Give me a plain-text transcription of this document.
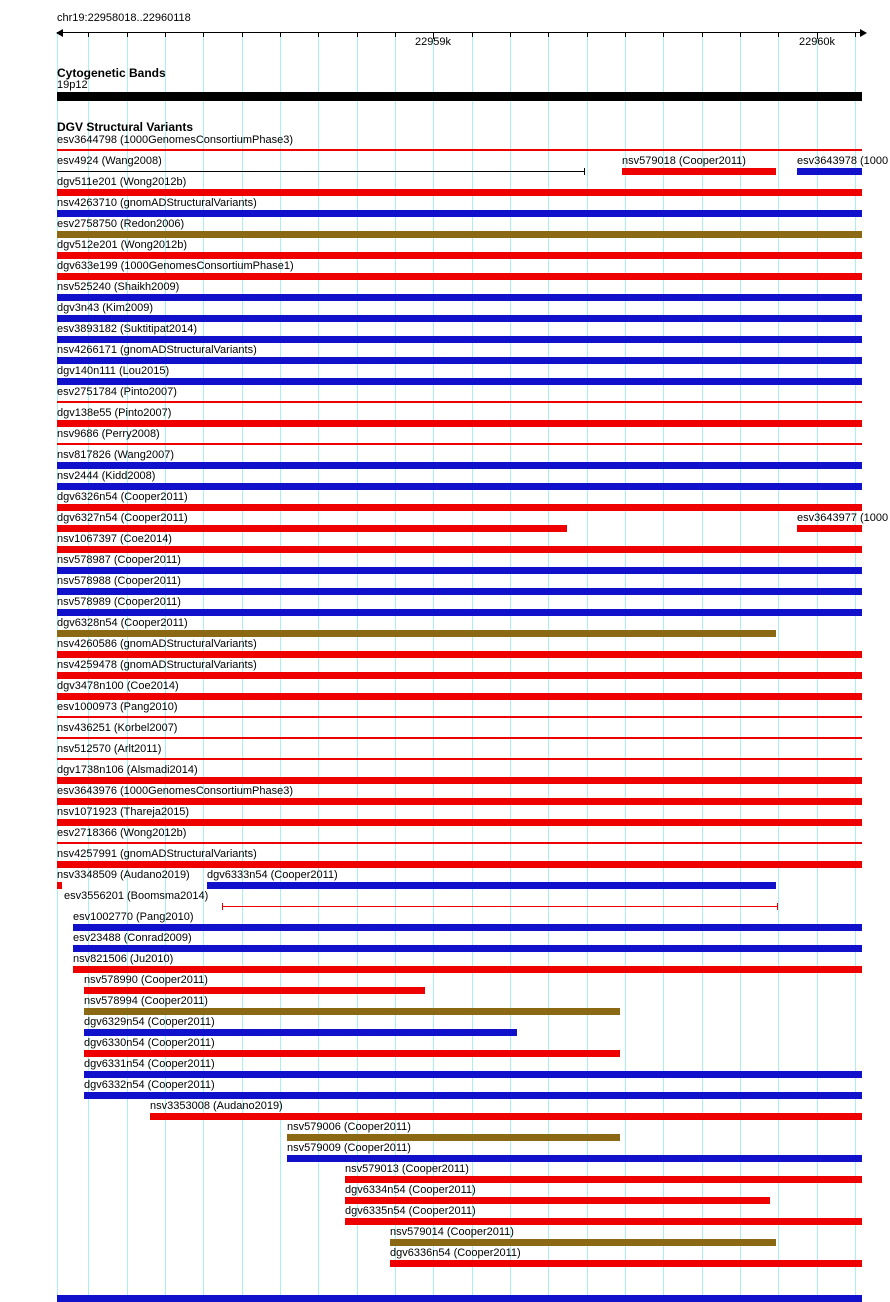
chr19:22958018..22960118
22959k	22960k
Cytogenetic Bands
19p12
DGV Structural Variants
esv3644798 (1000GenomesConsortiumPhase3)
esv4924 (Wang2008)	nsv579018 (Cooper2011)	esv3643978 (1000
dgv511e201 (Wong2012b)
nsv4263710 (gnomADStructuralVariants)
esv2758750 (Redon2006)
dgv512e201 (Wong2012b)
dgv633e199 (1000GenomesConsortiumPhase1)
nsv525240 (Shaikh2009)
dgv3n43 (Kim2009)
esv3893182 (Suktitipat2014)
nsv4266171 (gnomADStructuralVariants)
dgv140n111 (Lou2015)
esv2751784 (Pinto2007)
dgv138e55 (Pinto2007)
nsv9686 (Perry2008)
nsv817826 (Wang2007)
nsv2444 (Kidd2008)
dgv6326n54 (Cooper2011)
dgv6327n54 (Cooper2011)	esv3643977 (1000
nsv1067397 (Coe2014)
nsv578987 (Cooper2011)
nsv578988 (Cooper2011)
nsv578989 (Cooper2011)
dgv6328n54 (Cooper2011)
nsv4260586 (gnomADStructuralVariants)
nsv4259478 (gnomADStructuralVariants)
dgv3478n100 (Coe2014)
esv1000973 (Pang2010)
nsv436251 (Korbel2007)
nsv512570 (Arlt2011)
dgv1738n106 (Alsmadi2014)
esv3643976 (1000GenomesConsortiumPhase3)
nsv1071923 (Thareja2015)
esv2718366 (Wong2012b)
nsv4257991 (gnomADStructuralVariants)
nsv3348509 (Audano2019) dgv6333n54 (Cooper2011)
esv3556201 (Boomsma2014)
esv1002770 (Pang2010)
esv23488 (Conrad2009)
nsv821506 (Ju2010)
nsv578990 (Cooper2011)
nsv578994 (Cooper2011)
dgv6329n54 (Cooper2011)
dgv6330n54 (Cooper2011)
dgv6331n54 (Cooper2011)
dgv6332n54 (Cooper2011)
nsv3353008 (Audano2019)
nsv579006 (Cooper2011)
nsv579009 (Cooper2011)
nsv579013 (Cooper2011)
dgv6334n54 (Cooper2011)
dgv6335n54 (Cooper2011)
nsv579014 (Cooper2011)
dgv6336n54 (Cooper2011)
